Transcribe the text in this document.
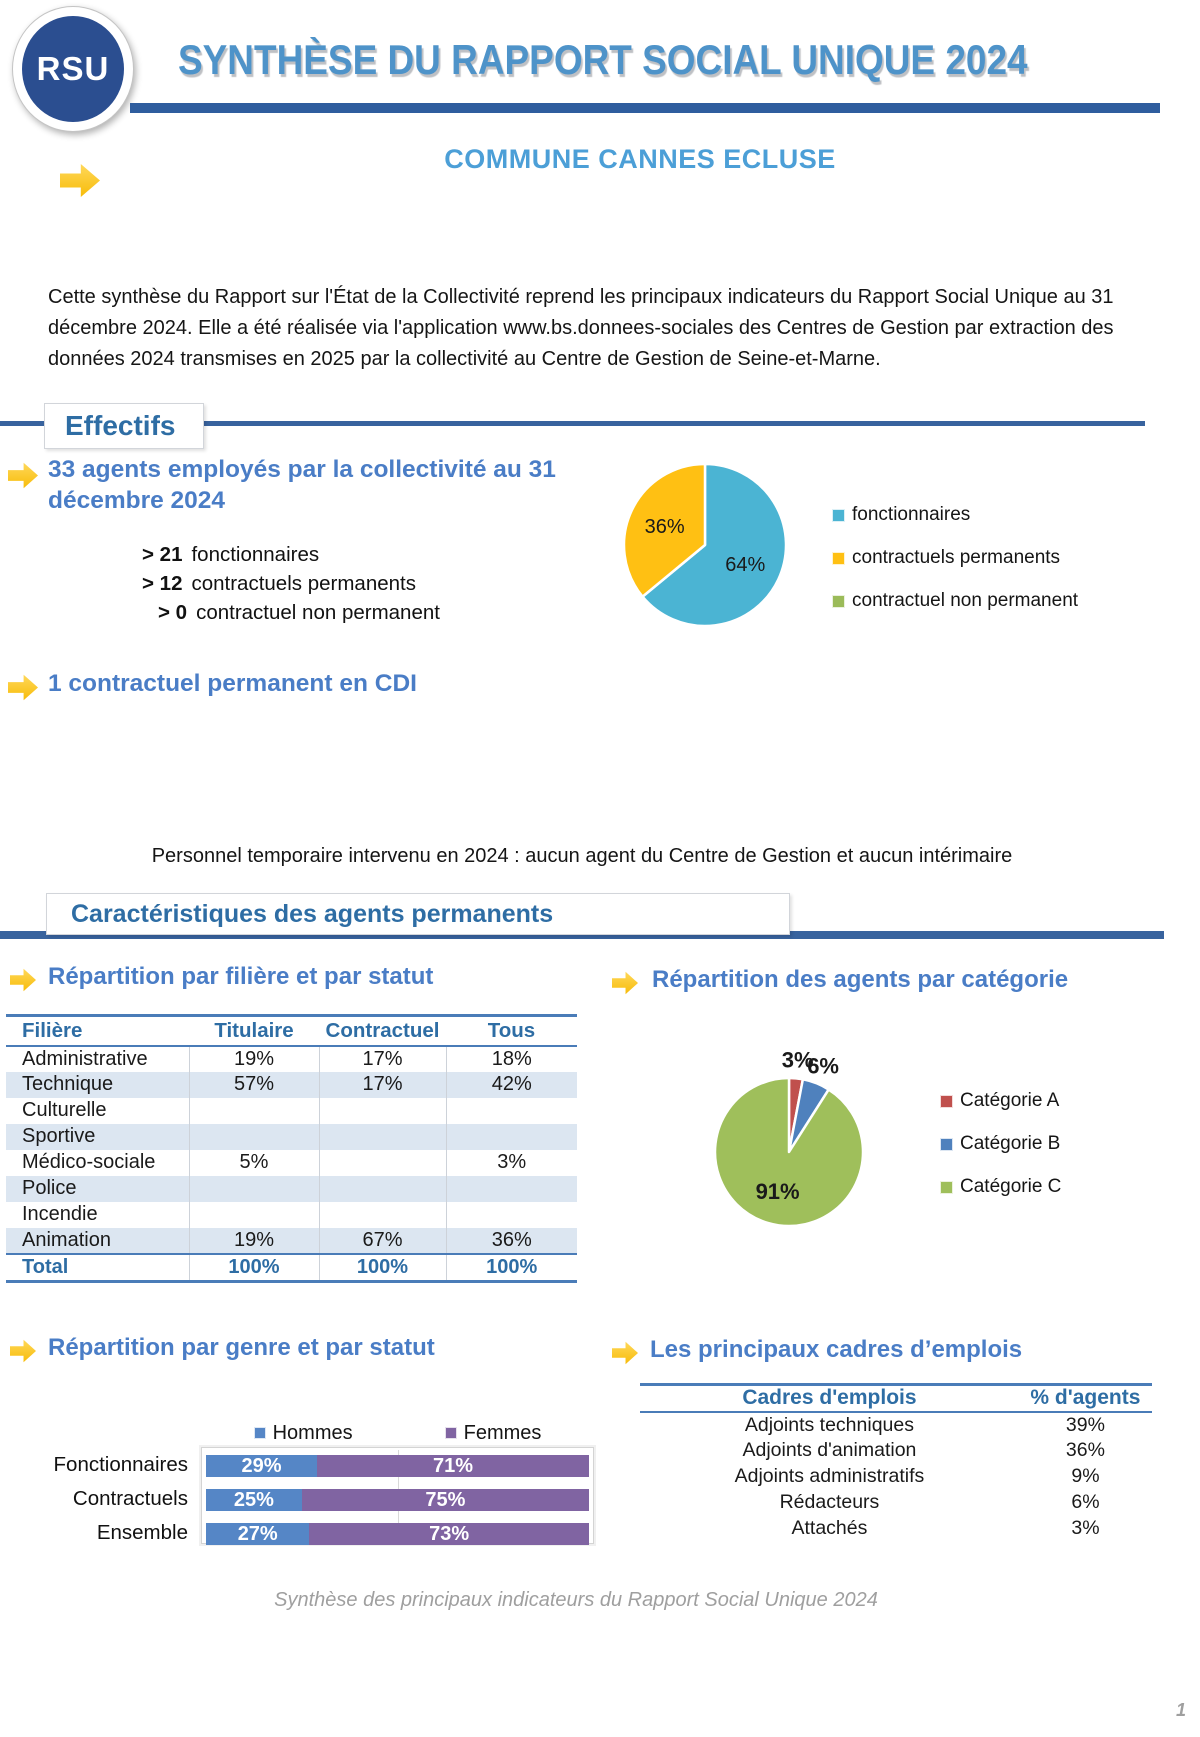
RSU SYNTHÈSE DU RAPPORT SOCIAL UNIQUE 2024
COMMUNE CANNES ECLUSE
Cette synthèse du Rapport sur l'État de la Collectivité reprend les principaux indicateurs du Rapport Social Unique au 31 décembre 2024. Elle a été réalisée via l'application www.bs.donnees-sociales des Centres de Gestion par extraction des données 2024 transmises en 2025 par la collectivité au Centre de Gestion de Seine-et-Marne.
Effectifs
33 agents employés par la collectivité au 31 décembre 2024
> 21 fonctionnaires
> 12 contractuels permanents
> 0 contractuel non permanent
64%
36%
fonctionnaires
contractuels permanents
contractuel non permanent
1 contractuel permanent en CDI
Personnel temporaire intervenu en 2024 : aucun agent du Centre de Gestion et aucun intérimaire
Caractéristiques des agents permanents
Répartition par filière et par statut	Répartition des agents par catégorie
Filière	Titulaire	Contractuel	Tous
Administrative	19%	17%	18%
Technique	57%	17%	42%
Culturelle			
Sportive			
Médico-sociale	5%		3%
Police			
Incendie			
Animation	19%	67%	36%
Total	100%	100%	100%
3%
6%
91%
Catégorie A
Catégorie B
Catégorie C
Répartition par genre et par statut	Les principaux cadres d’emplois
Hommes	Femmes
29%	71%
25%	75%
27%	73%
Fonctionnaires
Contractuels
Ensemble
Cadres d'emplois	% d'agents
Adjoints techniques	39%
Adjoints d'animation	36%
Adjoints administratifs	9%
Rédacteurs	6%
Attachés	3%
Synthèse des principaux indicateurs du Rapport Social Unique 2024
1
